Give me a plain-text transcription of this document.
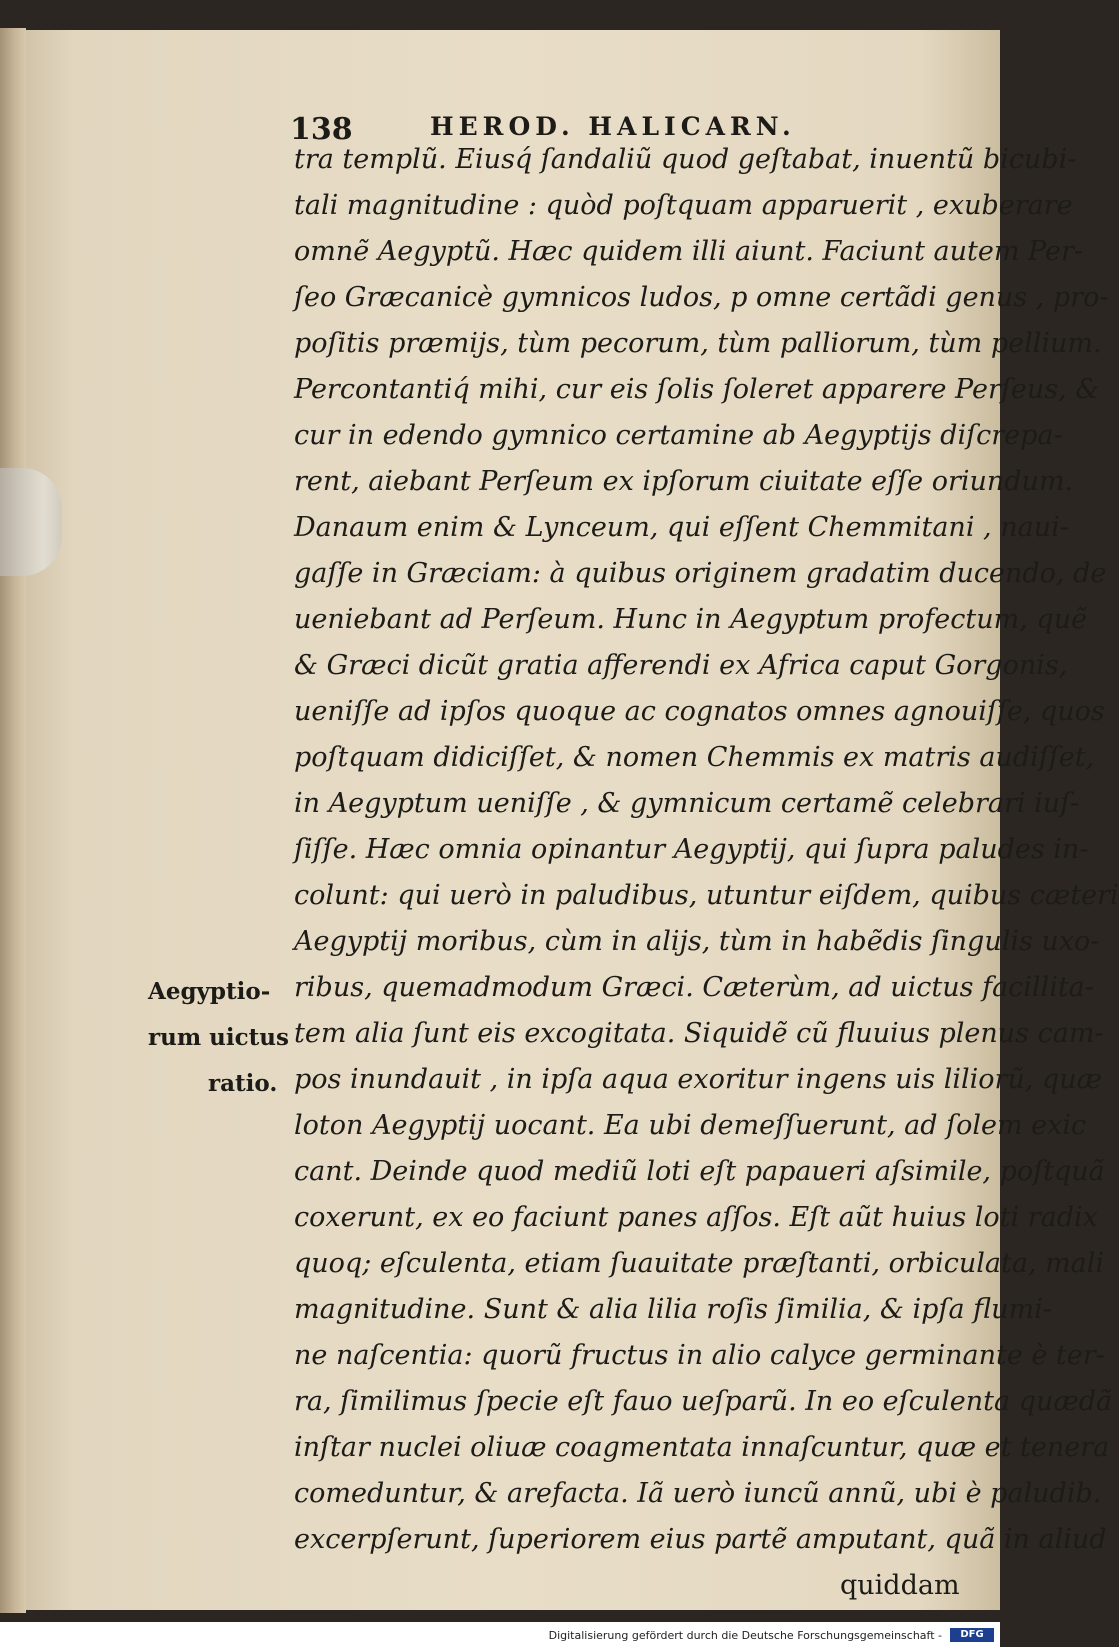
138	HEROD. HALICARN.
tra templũ. Eiusq́ ſandaliũ quod geſtabat, inuentũ bicubi-
tali magnitudine : quòd poſtquam apparuerit , exuberare
omnẽ Aegyptũ. Hæc quidem illi aiunt. Faciunt autem Per-
ſeo Græcanicè gymnicos ludos, p omne certãdi genus , pro-
poſitis præmijs, tùm pecorum, tùm palliorum, tùm pellium.
Percontantiq́ mihi, cur eis ſolis ſoleret apparere Perſeus, &
cur in edendo gymnico certamine ab Aegyptijs diſcrepa-
rent, aiebant Perſeum ex ipſorum ciuitate eſſe oriundum.
Danaum enim & Lynceum, qui eſſent Chemmitani , naui-
gaſſe in Græciam: à quibus originem gradatim ducendo, de
ueniebant ad Perſeum. Hunc in Aegyptum profectum, quẽ
& Græci dicũt gratia afferendi ex Africa caput Gorgonis,
ueniſſe ad ipſos quoque ac cognatos omnes agnouiſſe, quos
poſtquam didiciſſet, & nomen Chemmis ex matris audiſſet,
in Aegyptum ueniſſe , & gymnicum certamẽ celebrari iuſ-
ſiſſe. Hæc omnia opinantur Aegyptij, qui ſupra paludes in-
colunt: qui uerò in paludibus, utuntur eiſdem, quibus cæteri
Aegyptij moribus, cùm in alijs, tùm in habẽdis ſingulis uxo-
ribus, quemadmodum Græci. Cæterùm, ad uictus facillita-
tem alia ſunt eis excogitata. Siquidẽ cũ fluuius plenus cam-
pos inundauit , in ipſa aqua exoritur ingens uis liliorũ, quæ
loton Aegyptij uocant. Ea ubi demeſſuerunt, ad ſolem exic
cant. Deinde quod mediũ loti eſt papaueri aſsimile, poſtquã
coxerunt, ex eo faciunt panes aſſos. Eſt aũt huius loti radix
quoq; eſculenta, etiam ſuauitate præſtanti, orbiculata, mali
magnitudine. Sunt & alia lilia roſis ſimilia, & ipſa flumi-
ne naſcentia: quorũ fructus in alio calyce germinante è ter-
ra, ſimilimus ſpecie eſt fauo ueſparũ. In eo eſculenta quædã
inſtar nuclei oliuæ coagmentata innaſcuntur, quæ et tenera
comeduntur, & arefacta. Iã uerò iuncũ annũ, ubi è paludib.
excerpſerunt, ſuperiorem eius partẽ amputant, quã in aliud
quiddam
Aegyptio-
rum uictus
ratio.
Digitalisierung gefördert durch die Deutsche Forschungsgemeinschaft -	DFG
